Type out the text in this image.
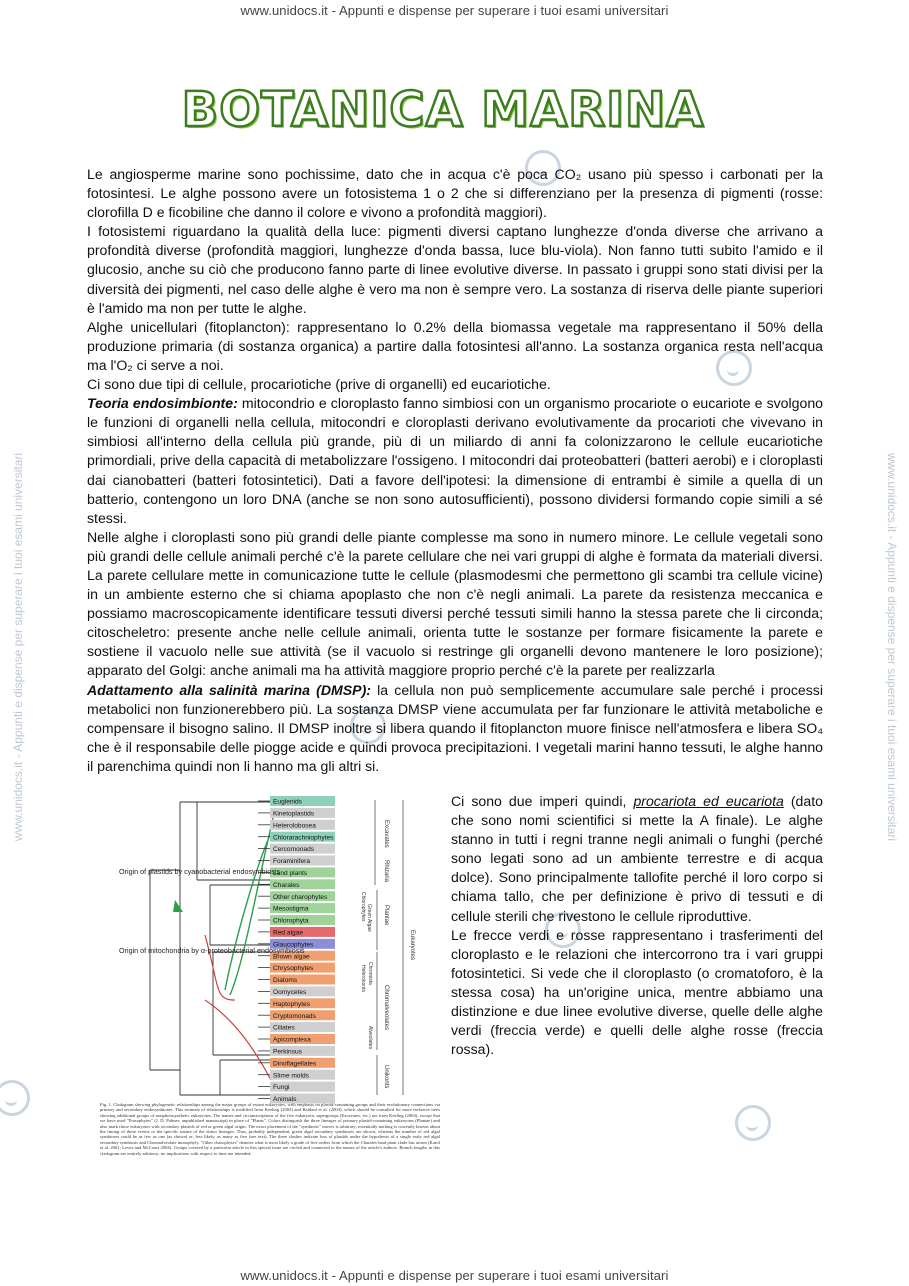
www.unidocs.it - Appunti e dispense per superare i tuoi esami universitari
www.unidocs.it - Appunti e dispense per superare i tuoi esami universitari
www.unidocs.it - Appunti e dispense per superare i tuoi esami universitari	www.unidocs.it - Appunti e dispense per superare i tuoi esami universitari
BOTANICA MARINA

Le angiosperme marine sono pochissime, dato che in acqua c'è poca CO₂ usano più spesso i carbonati per la fotosintesi. Le alghe possono avere un fotosistema 1 o 2 che si differenziano per la presenza di pigmenti (rosse: clorofilla D e ficobiline che danno il colore e vivono a profondità maggiori).

I fotosistemi riguardano la qualità della luce: pigmenti diversi captano lunghezze d'onda diverse che arrivano a profondità diverse (profondità maggiori, lunghezze d'onda bassa, luce blu-viola). Non fanno tutti subito l'amido e il glucosio, anche su ciò che producono fanno parte di linee evolutive diverse. In passato i gruppi sono stati divisi per la diversità dei pigmenti, nel caso delle alghe è vero ma non è sempre vero. La sostanza di riserva delle piante superiori è l'amido ma non per tutte le alghe.

Alghe unicellulari (fitoplancton): rappresentano lo 0.2% della biomassa vegetale ma rappresentano il 50% della produzione primaria (di sostanza organica) a partire dalla fotosintesi all'anno. La sostanza organica resta nell'acqua ma l'O₂ ci serve a noi.

Ci sono due tipi di cellule, procariotiche (prive di organelli) ed eucariotiche.

Teoria endosimbionte: mitocondrio e cloroplasto fanno simbiosi con un organismo procariote o eucariote e svolgono le funzioni di organelli nella cellula, mitocondri e cloroplasti derivano evolutivamente da procarioti che vivevano in simbiosi all'interno della cellula più grande, più di un miliardo di anni fa colonizzarono le cellule eucariotiche primordiali, prive della capacità di metabolizzare l'ossigeno. I mitocondri dai proteobatteri (batteri aerobi) e i cloroplasti dai cianobatteri (batteri fotosintetici). Dati a favore dell'ipotesi: la dimensione di entrambi è simile a quella di un batterio, contengono un loro DNA (anche se non sono autosufficienti), possono dividersi formando copie simili a sé stessi.

Nelle alghe i cloroplasti sono più grandi delle piante complesse ma sono in numero minore. Le cellule vegetali sono più grandi delle cellule animali perché c'è la parete cellulare che nei vari gruppi di alghe è formata da materiali diversi. La parete cellulare mette in comunicazione tutte le cellule (plasmodesmi che permettono gli scambi tra cellule vicine) in un ambiente esterno che si chiama apoplasto che non c'è negli animali. La parete da resistenza meccanica e possiamo macroscopicamente identificare tessuti diversi perché tessuti simili hanno la stessa parete che li circonda; citoscheletro: presente anche nelle cellule animali, orienta tutte le sostanze per formare fisicamente la parete e sostiene il vacuolo nelle sue attività (se il vacuolo si restringe gli organelli devono mantenere le loro posizione); apparato del Golgi: anche animali ma ha attività maggiore proprio perché c'è la parete per realizzarla

Adattamento alla salinità marina (DMSP): la cellula non può semplicemente accumulare sale perché i processi metabolici non funzionerebbero più. La sostanza DMSP viene accumulata per far funzionare le attività metaboliche e compensare il bisogno salino. Il DMSP inoltre si libera quando il fitoplancton muore finisce nell'atmosfera e libera SO₄ che è il responsabile delle piogge acide e quindi provoca precipitazioni. I vegetali marini hanno tessuti, le alghe hanno il parenchima quindi non li hanno ma gli altri si.

Ci sono due imperi quindi, procariota ed eucariota (dato che sono nomi scientifici si mette la A finale). Le alghe stanno in tutti i regni tranne negli animali o funghi (perché sono legati sono ad un ambiente terrestre e di acqua dolce). Sono principalmente tallofite perché il loro corpo si chiama tallo, che per definizione è privo di tessuti e di cellule sterili che rivestono le cellule riproduttive.

Le frecce verdi e rosse rappresentano i trasferimenti del cloroplasto e le relazioni che intercorrono tra i vari gruppi fotosintetici. Si vede che il cloroplasto (o cromatoforo, è la stessa cosa) ha un'origine unica, mentre abbiamo una distinzione e due linee evolutive diverse, quelle delle alghe verdi (freccia verde) e quelli delle alghe rosse (freccia rossa).

Euglenids
Kinetoplastids
Heterolobosea
Chlorarachniophytes
Cercomonads
Foraminifera
Land plants
Charales
Other charophytes
Mesostigma
Chlorophyta
Red algae
Glaucophytes
Brown algae
Chrysophytes
Diatoms
Oomycetes
Haptophytes
Cryptomonads
Ciliates
Apicomplexa
Perkinsus
Dinoflagellates
Slime molds
Fungi
Animals
Origin of plastids by cyanobacterial endosymbiosis
Origin of mitochondria by α-proteobacterial endosymbiosis
Excavates
Rhizaria
Plantae
Chromalveolates
Unikonts
Eukaryotes
Chlorophytes Green Algae
Heterokonts Chromista
Alveolates
Fig. 1. Cladogram showing phylogenetic relationships among the major groups of extant eukaryotes, with emphasis on plastid-containing groups and their evolutionary connections via primary and secondary endosymbioses. This estimate of relationships is modified from Keeling (2004) and Baldauf et al. (2004), which should be consulted for more inclusive trees showing additional groups of nonphotosynthetic eukaryotes. The names and circumscriptions of the five eukaryotic supergroups (Excavates, etc.) are from Keeling (2004), except that we have used "Prasophytes" (J. D. Palmer, unpublished manuscript) in place of "Plants". Colors distinguish the three lineages of primary plastid-containing eukaryotes (Plantae) and also mark those eukaryotes with secondary plastids of red or green algal origin. The exact placement of the "symbiotic" moves is arbitrary; essentially nothing is currently known about the timing of these events or the specific nature of the donor lineages. Thus, probably independent, green algal secondary symbioses are shown, whereas the number of red algal symbioses could be as few as one (as shown) or, less likely, as many as five (see text). The three slashes indicate loss of plastids under the hypothesis of a single early red algal secondary symbiosis and Chromalveolate monophyly. "Other charophytes" denotes what is most likely a grade of five orders from which the Charales-land plant clade has arisen (Karol et al. 2001; Lewis and McCourt 2004). Groups covered by a particular article in this special issue are circled and connected to the names of the article's authors. Branch lengths in this cladogram are entirely arbitrary; no implications with respect to time are intended.
